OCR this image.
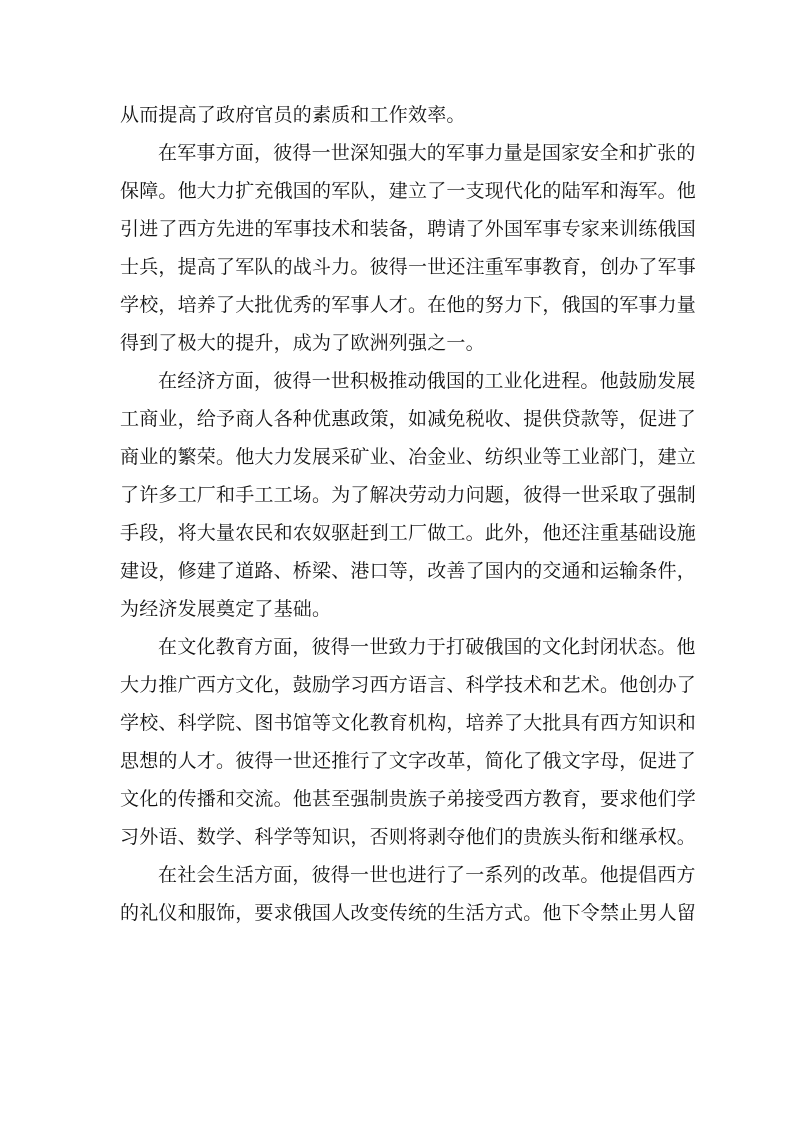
从而提高了政府官员的素质和工作效率。
在军事方面，彼得一世深知强大的军事力量是国家安全和扩张的
保障。他大力扩充俄国的军队，建立了一支现代化的陆军和海军。他
引进了西方先进的军事技术和装备，聘请了外国军事专家来训练俄国
士兵，提高了军队的战斗力。彼得一世还注重军事教育，创办了军事
学校，培养了大批优秀的军事人才。在他的努力下，俄国的军事力量
得到了极大的提升，成为了欧洲列强之一。
在经济方面，彼得一世积极推动俄国的工业化进程。他鼓励发展
工商业，给予商人各种优惠政策，如减免税收、提供贷款等，促进了
商业的繁荣。他大力发展采矿业、冶金业、纺织业等工业部门，建立
了许多工厂和手工工场。为了解决劳动力问题，彼得一世采取了强制
手段，将大量农民和农奴驱赶到工厂做工。此外，他还注重基础设施
建设，修建了道路、桥梁、港口等，改善了国内的交通和运输条件，
为经济发展奠定了基础。
在文化教育方面，彼得一世致力于打破俄国的文化封闭状态。他
大力推广西方文化，鼓励学习西方语言、科学技术和艺术。他创办了
学校、科学院、图书馆等文化教育机构，培养了大批具有西方知识和
思想的人才。彼得一世还推行了文字改革，简化了俄文字母，促进了
文化的传播和交流。他甚至强制贵族子弟接受西方教育，要求他们学
习外语、数学、科学等知识，否则将剥夺他们的贵族头衔和继承权。
在社会生活方面，彼得一世也进行了一系列的改革。他提倡西方
的礼仪和服饰，要求俄国人改变传统的生活方式。他下令禁止男人留
